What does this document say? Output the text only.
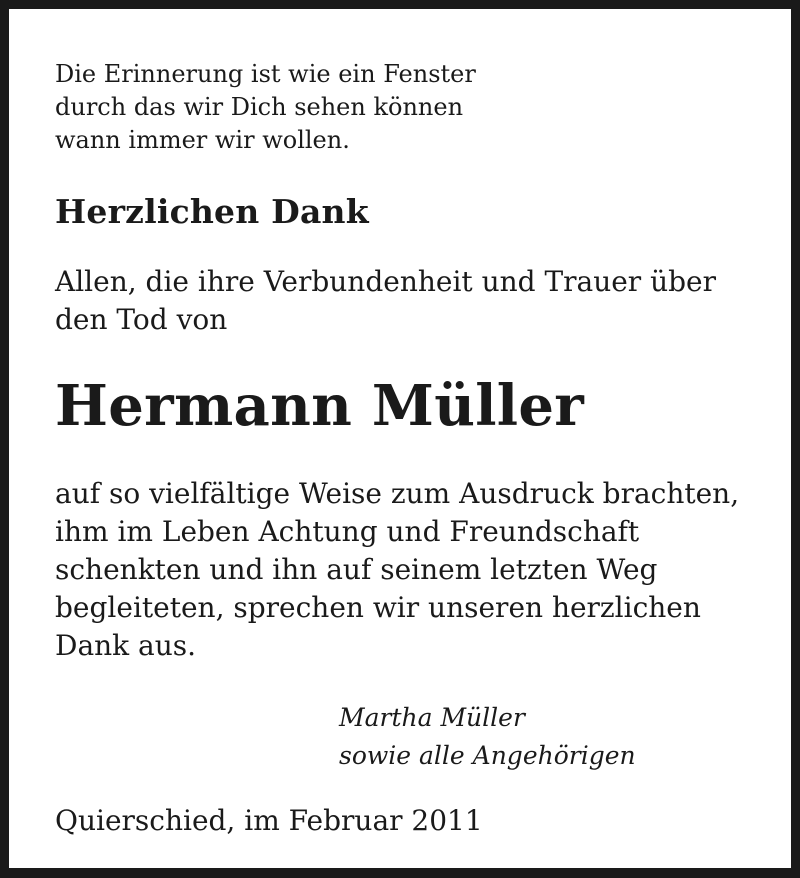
Die Erinnerung ist wie ein Fenster
durch das wir Dich sehen können
wann immer wir wollen.

Herzlichen Dank

Allen, die ihre Verbundenheit und Trauer über
den Tod von

Hermann Müller

auf so vielfältige Weise zum Ausdruck brachten,
ihm im Leben Achtung und Freundschaft
schenkten und ihn auf seinem letzten Weg
begleiteten, sprechen wir unseren herzlichen
Dank aus.

Martha Müller
sowie alle Angehörigen

Quierschied, im Februar 2011
